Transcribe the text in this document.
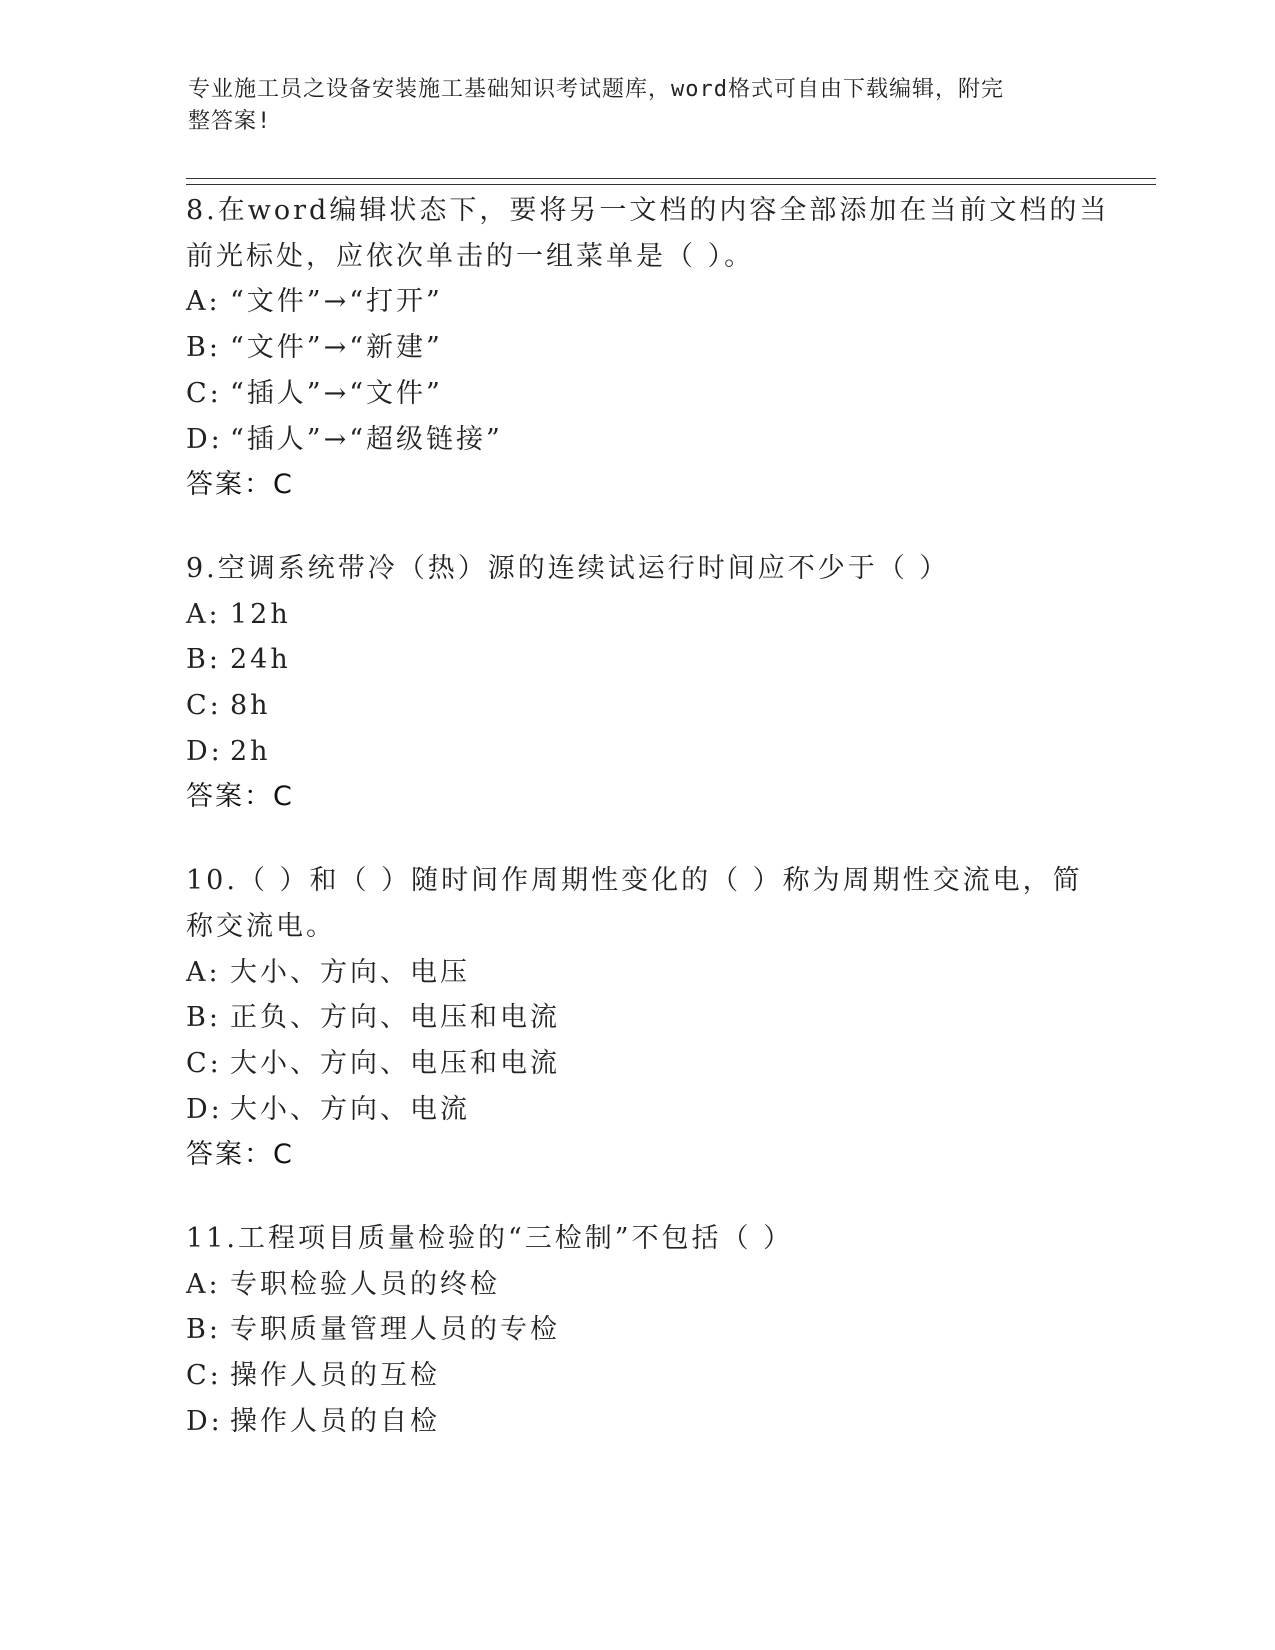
专业施工员之设备安装施工基础知识考试题库，word格式可自由下载编辑，附完
整答案!
8.在word编辑状态下，要将另一文档的内容全部添加在当前文档的当
前光标处，应依次单击的一组菜单是（ ）。
A: “文件”→“打开”
B: “文件”→“新建”
C: “插人”→“文件”
D: “插人”→“超级链接”
答案：C
9.空调系统带冷（热）源的连续试运行时间应不少于（ ）
A: 12h
B: 24h
C: 8h
D: 2h
答案：C
10.（ ）和（ ）随时间作周期性变化的（ ）称为周期性交流电，简
称交流电。
A: 大小、方向、电压
B: 正负、方向、电压和电流
C: 大小、方向、电压和电流
D: 大小、方向、电流
答案：C
11.工程项目质量检验的“三检制”不包括（ ）
A: 专职检验人员的终检
B: 专职质量管理人员的专检
C: 操作人员的互检
D: 操作人员的自检
